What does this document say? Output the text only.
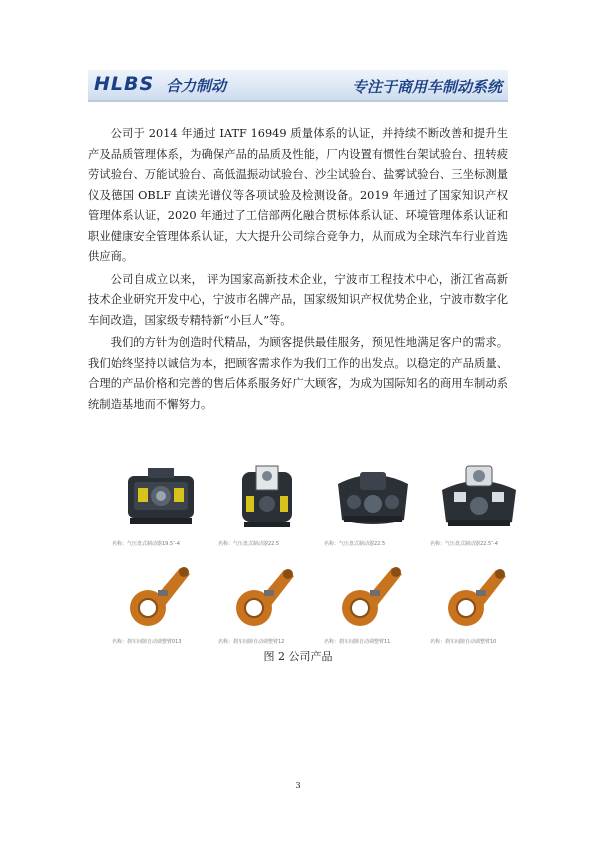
HLBS 合力制动	专注于商用车制动系统

公司于 2014 年通过 IATF 16949 质量体系的认证，并持续不断改善和提升生产及品质管理体系，为确保产品的品质及性能，厂内设置有惯性台架试验台、扭转疲劳试验台、万能试验台、高低温振动试验台、沙尘试验台、盐雾试验台、三坐标测量仪及德国 OBLF 直读光谱仪等各项试验及检测设备。2019 年通过了国家知识产权管理体系认证，2020 年通过了工信部两化融合贯标体系认证、环境管理体系认证和职业健康安全管理体系认证，大大提升公司综合竞争力，从而成为全球汽车行业首选供应商。

公司自成立以来， 评为国家高新技术企业，宁波市工程技术中心，浙江省高新技术企业研究开发中心，宁波市名牌产品，国家级知识产权优势企业，宁波市数字化车间改造，国家级专精特新“小巨人”等。

我们的方针为创造时代精品，为顾客提供最佳服务，预见性地满足客户的需求。我们始终坚持以诚信为本，把顾客需求作为我们工作的出发点。以稳定的产品质量、合理的产品价格和完善的售后体系服务好广大顾客，为成为国际知名的商用车制动系统制造基地而不懈努力。

名称：气压盘式制动器19.5″-4	名称：气压盘式制动器22.5	名称：气压盘式制动器22.5	名称：气压盘式制动器22.5″-4
名称：刹车间隙自动调整臂013	名称：刹车间隙自动调整臂12	名称：刹车间隙自动调整臂11	名称：刹车间隙自动调整臂10
图 2 公司产品
3
